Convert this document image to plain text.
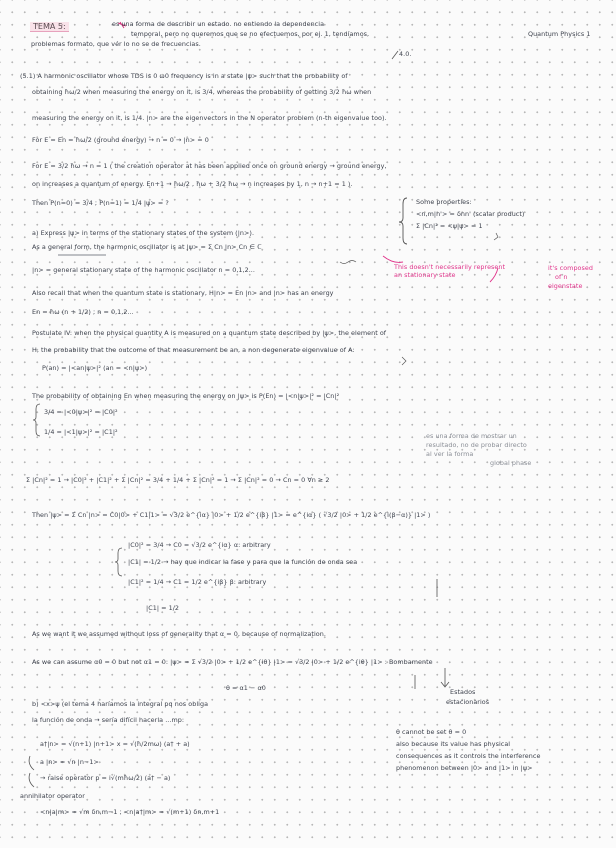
TEMA 5:	es una forma de describir un estado. no entiendo la dependencia
temporal, pero no queremos que se no efectuemos, por ej. 1, tendíamos,
problemas formato, que vér lo no se de frecuencias.
Quantum Physics 1
4.0.
(5.1) A harmonic oscillator whose TDS is 0 ω0 frequency is in a state |ψ> such that the probability of
obtaining ħω/2 when measuring the energy on it, is 3/4, whereas the probability of getting 3/2 ħω when
measuring the energy on it, is 1/4. |n> are the eigenvectors in the N operator problem (n-th eigenvalue too).
For E = En = ħω/2 (ground energy) → n = 0 → |n> = 0
For E = 3/2 ħω → n = 1 ( the creation operator at has been applied once on ground energy → ground energy,
on increases a quantum of energy. En+1 → ħω/2 , ħω + 3/2 ħω → n increases by 1, n → n+1 = 1 ).
Then P(n=0) = 3/4 ; P(n=1) = 1/4 |ψ> = ?	Some properties:
<n,m|n'> = δnn' (scalar product)
Σ |Cn|² = <ψ|ψ> = 1
a) Express |ψ> in terms of the stationary states of the system (|n>).
As a general form, the harmonic oscillator is at |ψ> = Σ Cn |n> Cn ∈ ℂ
This doesn't necessarily represent
an stationary state
it's composed
of n
eigenstate
|n> = general stationary state of the harmonic oscillator n = 0,1,2...
Also recall that when the quantum state is stationary, H|n> = En |n> and |n> has an energy
En = ħω (n + 1/2) ; n = 0,1,2...
Postulate IV: when the physical quantity A is measured on a quantum state described by |ψ>, the element of
H, the probability that the outcome of that measurement be an, a non degenerate eigenvalue of A:
P(an) = |<an|ψ>|² (an = <n|ψ>)
The probability of obtaining En when measuring the energy on |ψ> is P(En) = |<n|ψ>|² = |Cn|²
3/4 = |<0|ψ>|² = |C0|²
1/4 = |<1|ψ>|² = |C1|²	es una forma de mostrar un
resultado, no de probar directo
al ver la forma
global phase
Σ |Cn|² = 1 → |C0|² + |C1|² + Σ |Cn|² = 3/4 + 1/4 + Σ |Cn|² = 1 → Σ |Cn|² = 0 → Cn = 0 ∀n ≥ 2
Then |ψ> = Σ Cn |n> = C0|0> + C1|1> = √3/2 e^{iα} |0> + 1/2 e^{iβ} |1> = e^{iα} ( √3/2 |0> + 1/2 e^{i(β−α)} |1> )
|C0|² = 3/4 → C0 = √3/2 e^{iα} α: arbitrary
|C1| = 1/2 → hay que indicar la fase y para que la función de onda sea
|C1|² = 1/4 → C1 = 1/2 e^{iβ} β: arbitrary
|C1| = 1/2
As we want it we assumed without loss of generality that α = 0, because of normalization.
As we can assume α0 = 0 but not α1 = 0: |ψ> = Σ √3/2 |0> + 1/2 e^{iθ} |1> = √3/2 |0> + 1/2 e^{iθ} |1> : Bombamente
θ = α1 − α0	Estados
estacionarios
b) <x>ψ (el tema 4 haríamos la integral pq nos obliga
la función de onda → sería difícil hacerla ...mp:
θ cannot be set θ = 0
also because its value has physical
consequences as it controls the interference
phenomenon between |0> and |1> in |ψ>
a†|n> = √(n+1) |n+1> x = √(ħ/2mω) (a† + a)
a |n> = √n |n−1>
→ raise operator p = i√(mħω/2) (a† − a)
annihilator operator
<n|a|m> = √m δn,m−1 ; <n|a†|m> = √(m+1) δn,m+1
